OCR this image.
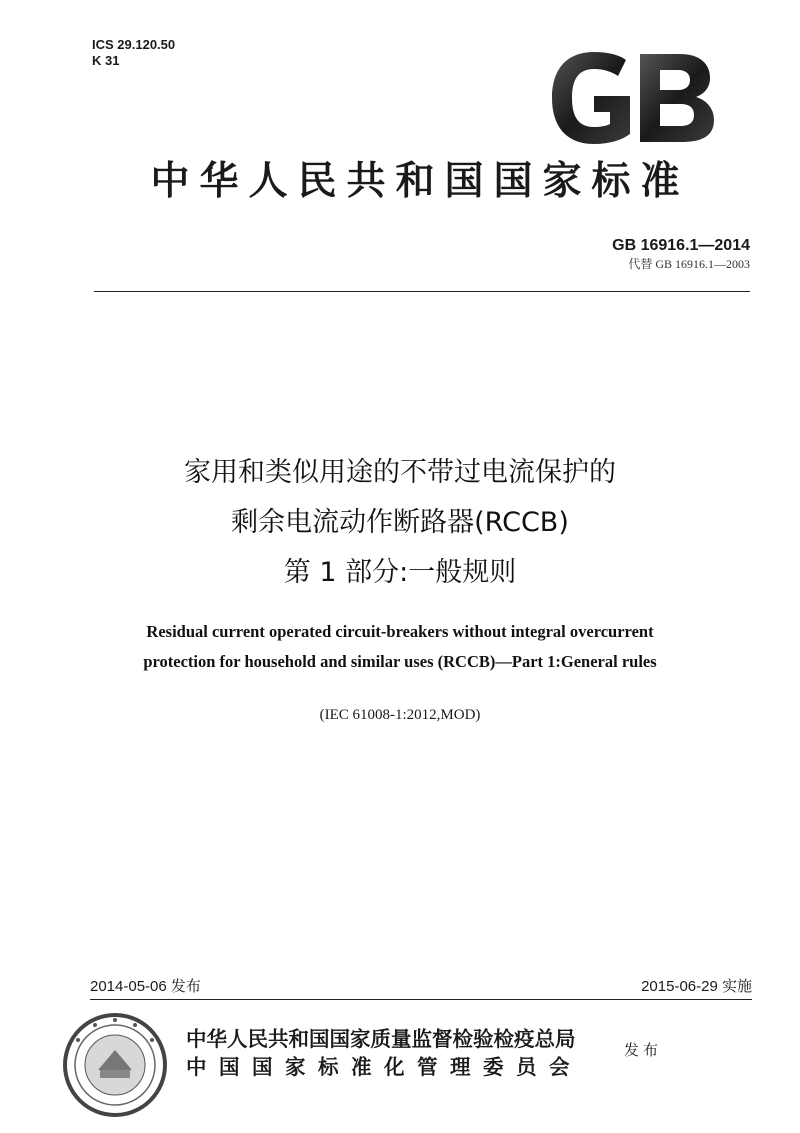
ICS 29.120.50
K 31
中华人民共和国国家标准
GB 16916.1—2014
代替 GB 16916.1—2003
家用和类似用途的不带过电流保护的
剩余电流动作断路器(RCCB)
第 1 部分:一般规则
Residual current operated circuit-breakers without integral overcurrent
protection for household and similar uses (RCCB)—Part 1:General rules
(IEC 61008-1:2012,MOD)
2014-05-06 发布	2015-06-29 实施
中华人民共和国国家质量监督检验检疫总局
中国国家标准化管理委员会
发布
